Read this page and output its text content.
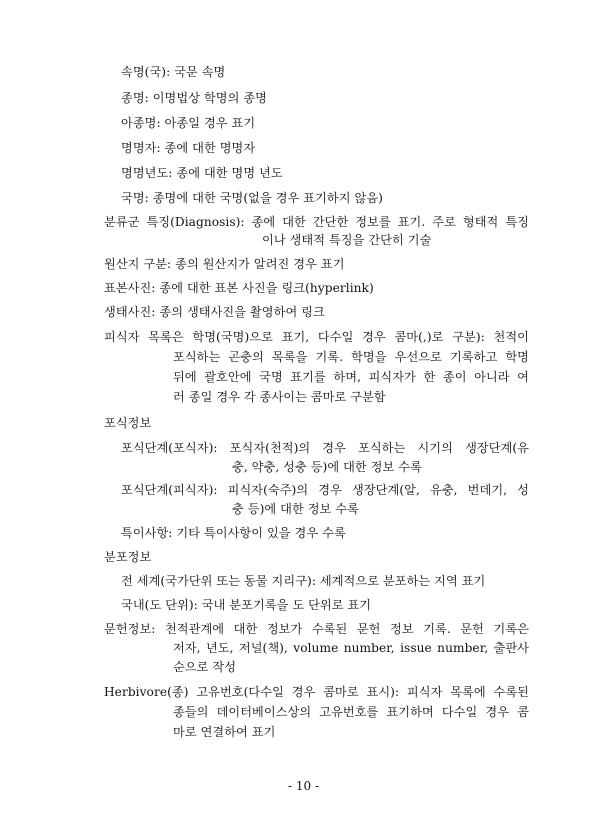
속명(국): 국문 속명
종명: 이명법상 학명의 종명
아종명: 아종일 경우 표기
명명자: 종에 대한 명명자
명명년도: 종에 대한 명명 년도
국명: 종명에 대한 국명(없을 경우 표기하지 않음)
분류군 특징(Diagnosis): 종에 대한 간단한 정보를 표기. 주로 형태적 특징
이나 생태적 특징을 간단히 기술
원산지 구분: 종의 원산지가 알려진 경우 표기
표본사진: 종에 대한 표본 사진을 링크(hyperlink)
생태사진: 종의 생태사진을 촬영하여 링크
피식자 목록은 학명(국명)으로 표기, 다수일 경우 콤마(,)로 구분): 천적이
포식하는 곤충의 목록을 기록. 학명을 우선으로 기록하고 학명
뒤에 괄호안에 국명 표기를 하며, 피식자가 한 종이 아니라 여
러 종일 경우 각 종사이는 콤마로 구분함
포식정보
포식단계(포식자): 포식자(천적)의 경우 포식하는 시기의 생장단계(유
충, 약충, 성충 등)에 대한 정보 수록
포식단계(피식자): 피식자(숙주)의 경우 생장단계(알, 유충, 번데기, 성
충 등)에 대한 정보 수록
특이사항: 기타 특이사항이 있을 경우 수록
분포정보
전 세계(국가단위 또는 동물 지리구): 세계적으로 분포하는 지역 표기
국내(도 단위): 국내 분포기록을 도 단위로 표기
문헌정보: 천적관계에 대한 정보가 수록된 문헌 정보 기록. 문헌 기록은
저자, 년도, 저널(책), volume number, issue number, 출판사
순으로 작성
Herbivore(종) 고유번호(다수일 경우 콤마로 표시): 피식자 목록에 수록된
종들의 데이터베이스상의 고유번호를 표기하며 다수일 경우 콤
마로 연결하여 표기
- 10 -
